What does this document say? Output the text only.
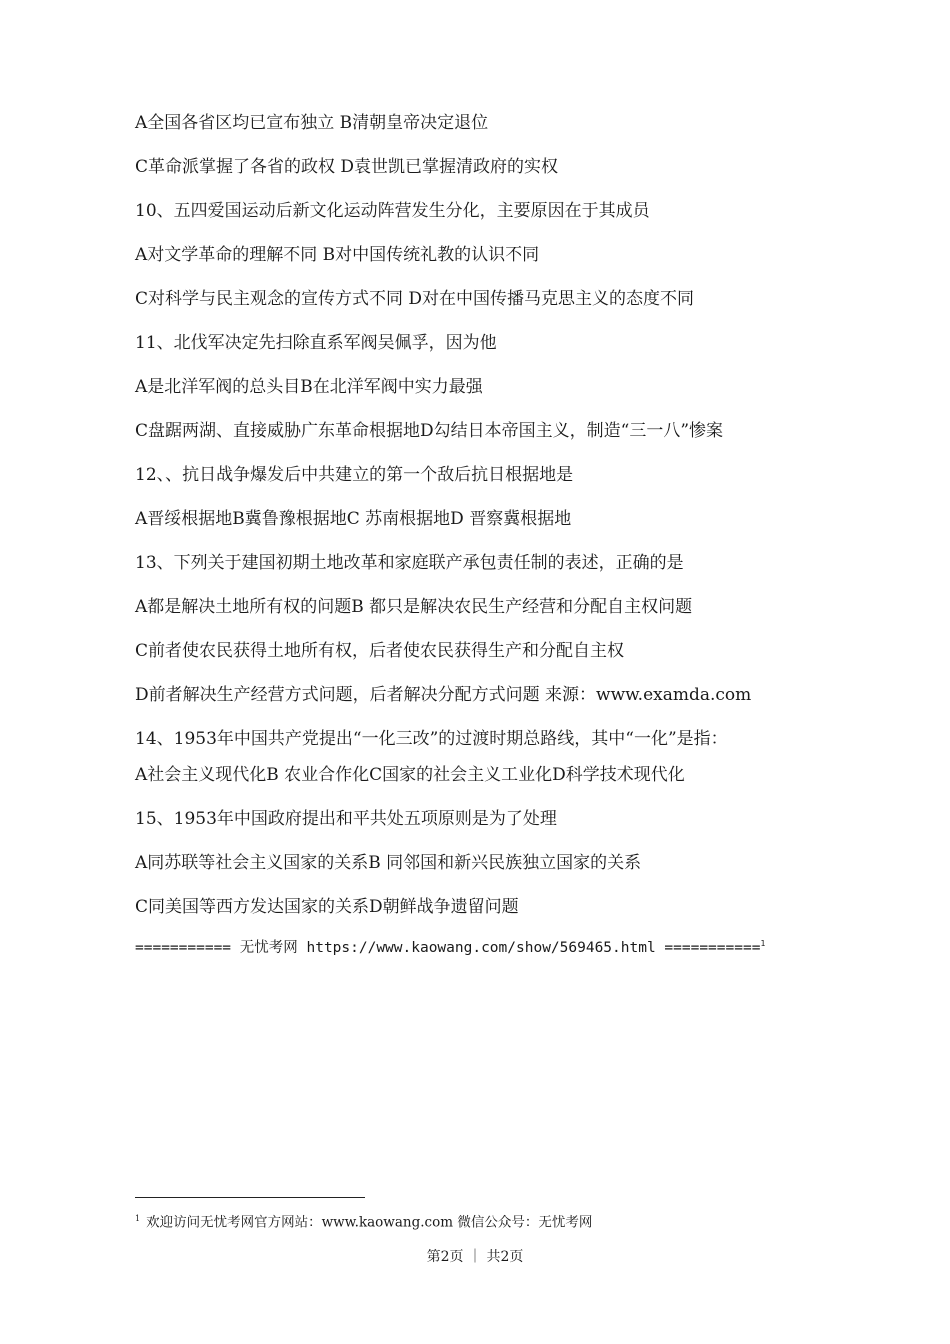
A全国各省区均已宣布独立 B清朝皇帝决定退位

C革命派掌握了各省的政权 D袁世凯已掌握清政府的实权

10、五四爱国运动后新文化运动阵营发生分化，主要原因在于其成员

A对文学革命的理解不同 B对中国传统礼教的认识不同

C对科学与民主观念的宣传方式不同 D对在中国传播马克思主义的态度不同

11、北伐军决定先扫除直系军阀吴佩孚，因为他

A是北洋军阀的总头目B在北洋军阀中实力最强

C盘踞两湖、直接威胁广东革命根据地D勾结日本帝国主义，制造“三一八”惨案

12、、抗日战争爆发后中共建立的第一个敌后抗日根据地是

A晋绥根据地B冀鲁豫根据地C 苏南根据地D 晋察冀根据地

13、下列关于建国初期土地改革和家庭联产承包责任制的表述，正确的是

A都是解决土地所有权的问题B 都只是解决农民生产经营和分配自主权问题

C前者使农民获得土地所有权，后者使农民获得生产和分配自主权

D前者解决生产经营方式问题，后者解决分配方式问题 来源：www.examda.com

14、1953年中国共产党提出“一化三改”的过渡时期总路线，其中“一化”是指：

A社会主义现代化B 农业合作化C国家的社会主义工业化D科学技术现代化

15、1953年中国政府提出和平共处五项原则是为了处理

A同苏联等社会主义国家的关系B 同邻国和新兴民族独立国家的关系

C同美国等西方发达国家的关系D朝鲜战争遗留问题

=========== 无忧考网 https://www.kaowang.com/show/569465.html ===========$^1$
$^1$ 欢迎访问无忧考网官方网站：www.kaowang.com 微信公众号：无忧考网
第2页 ｜ 共2页
